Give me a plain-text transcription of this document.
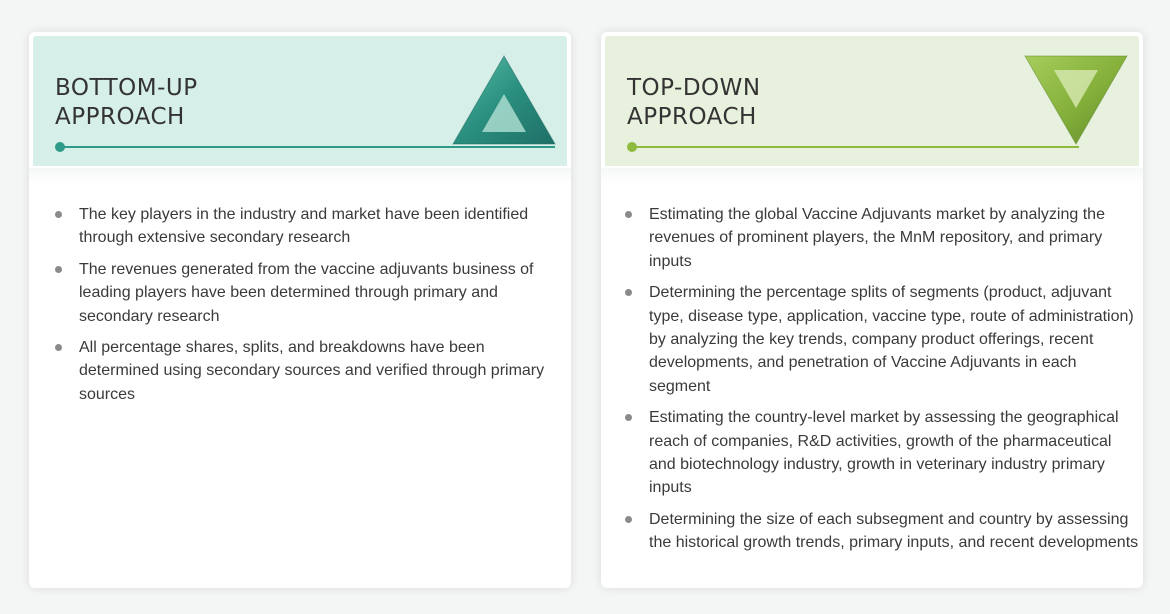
BOTTOM-UP
APPROACH
The key players in the industry and market have been identified through extensive secondary research
The revenues generated from the vaccine adjuvants business of leading players have been determined through primary and secondary research
All percentage shares, splits, and breakdowns have been determined using secondary sources and verified through primary sources
TOP-DOWN
APPROACH
Estimating the global Vaccine Adjuvants market by analyzing the revenues of prominent players, the MnM repository, and primary inputs
Determining the percentage splits of segments (product, adjuvant type, disease type, application, vaccine type, route of administration) by analyzing the key trends, company product offerings, recent developments, and penetration of Vaccine Adjuvants in each segment
Estimating the country-level market by assessing the geographical reach of companies, R&D activities, growth of the pharmaceutical and biotechnology industry, growth in veterinary industry primary inputs
Determining the size of each subsegment and country by assessing the historical growth trends, primary inputs, and recent developments
